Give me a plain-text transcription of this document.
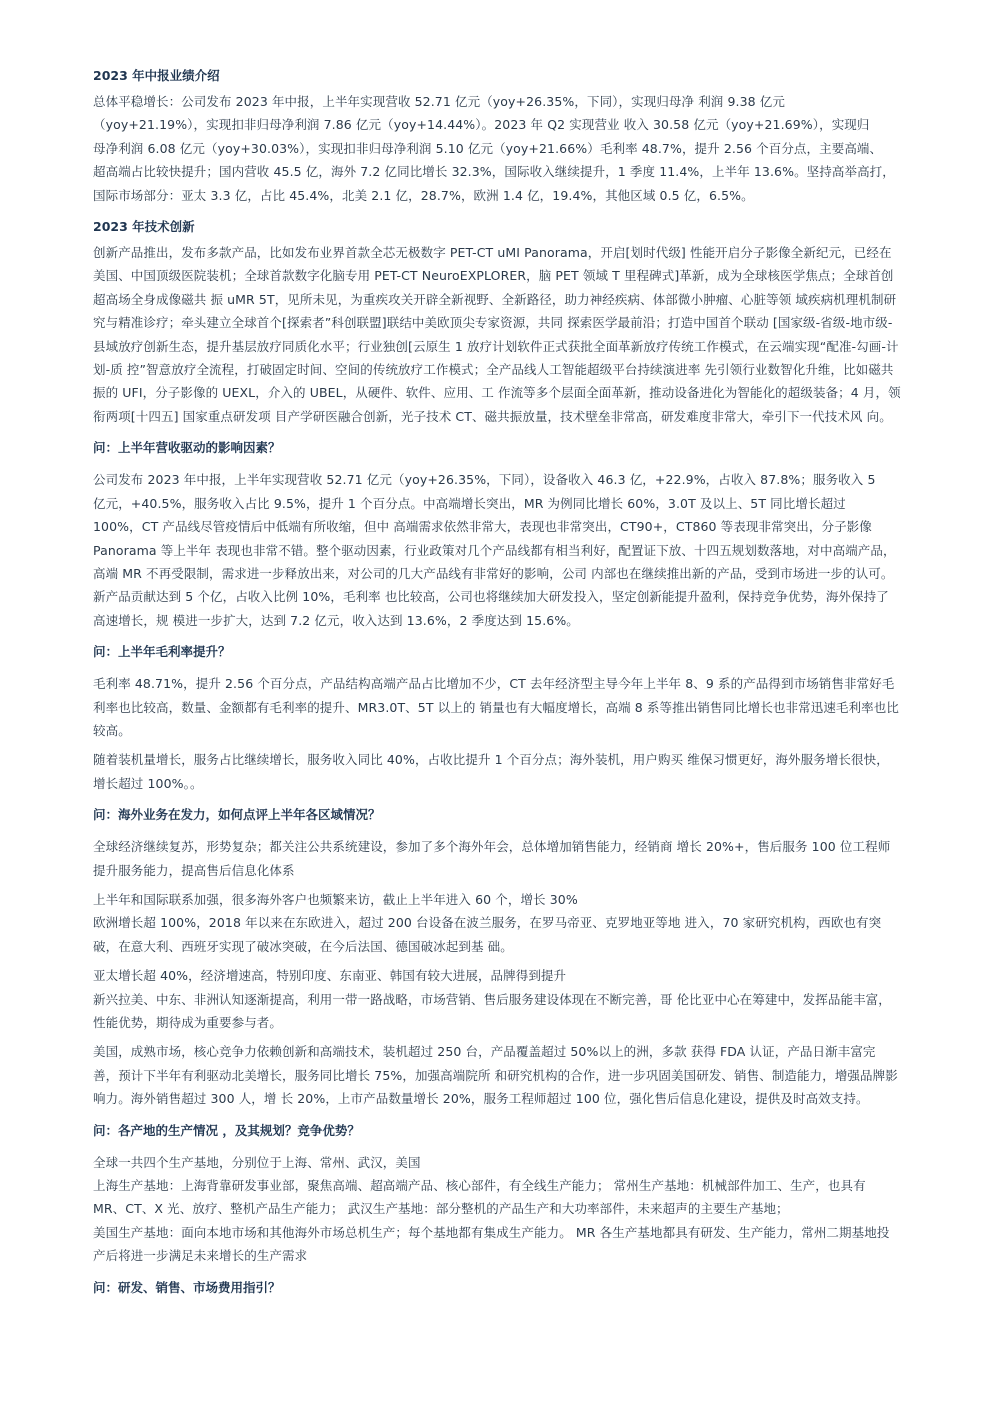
2023 年中报业绩介绍

总体平稳增长：公司发布 2023 年中报，上半年实现营收 52.71 亿元（yoy+26.35%，下同），实现归母净 利润 9.38 亿元
（yoy+21.19%），实现扣非归母净利润 7.86 亿元（yoy+14.44%）。2023 年 Q2 实现营业 收入 30.58 亿元（yoy+21.69%），实现归
母净利润 6.08 亿元（yoy+30.03%），实现扣非归母净利润 5.10 亿元（yoy+21.66%）毛利率 48.7%，提升 2.56 个百分点，主要高端、
超高端占比较快提升；国内营收 45.5 亿，海外 7.2 亿同比增长 32.3%，国际收入继续提升，1 季度 11.4%，上半年 13.6%。坚持高举高打，
国际市场部分：亚太 3.3 亿，占比 45.4%，北美 2.1 亿，28.7%，欧洲 1.4 亿，19.4%，其他区域 0.5 亿，6.5%。

2023 年技术创新

创新产品推出，发布多款产品，比如发布业界首款全芯无极数字 PET-CT uMI Panorama，开启[划时代级] 性能开启分子影像全新纪元，已经在
美国、中国顶级医院装机；全球首款数字化脑专用 PET-CT NeuroEXPLORER，脑 PET 领域 T 里程碑式]革新，成为全球核医学焦点；全球首创
超高场全身成像磁共 振 uMR 5T，见所未见，为重疾攻关开辟全新视野、全新路径，助力神经疾病、体部微小肿瘤、心脏等领 域疾病机理机制研
究与精准诊疗；牵头建立全球首个[探索者”科创联盟]联结中美欧顶尖专家资源，共同 探索医学最前沿；打造中国首个联动 [国家级-省级-地市级-
县域放疗创新生态，提升基层放疗同质化水平；行业独创[云原生 1 放疗计划软件正式获批全面革新放疗传统工作模式，在云端实现“配准-勾画-计
划-质 控”智意放疗全流程，打破固定时间、空间的传统放疗工作模式；全产品线人工智能超级平台持续演进率 先引领行业数智化升维，比如磁共
振的 UFI，分子影像的 UEXL，介入的 UBEL，从硬件、软件、应用、工 作流等多个层面全面革新，推动设备进化为智能化的超级装备；4 月，领
衔两项[十四五] 国家重点研发项 目产学研医融合创新，光子技术 CT、磁共振放量，技术壁垒非常高，研发难度非常大，牵引下一代技术风 向。

问：上半年营收驱动的影响因素？

公司发布 2023 年中报，上半年实现营收 52.71 亿元（yoy+26.35%，下同），设备收入 46.3 亿，+22.9%，占收入 87.8%；服务收入 5
亿元，+40.5%，服务收入占比 9.5%，提升 1 个百分点。中高端增长突出，MR 为例同比增长 60%，3.0T 及以上、5T 同比增长超过
100%，CT 产品线尽管疫情后中低端有所收缩，但中 高端需求依然非常大，表现也非常突出，CT90+，CT860 等表现非常突出，分子影像
Panorama 等上半年 表现也非常不错。整个驱动因素，行业政策对几个产品线都有相当利好，配置证下放、十四五规划数落地，对中高端产品，
高端 MR 不再受限制，需求进一步释放出来，对公司的几大产品线有非常好的影响，公司 内部也在继续推出新的产品，受到市场进一步的认可。
新产品贡献达到 5 个亿，占收入比例 10%，毛利率 也比较高，公司也将继续加大研发投入，坚定创新能提升盈利，保持竞争优势，海外保持了
高速增长，规 模进一步扩大，达到 7.2 亿元，收入达到 13.6%，2 季度达到 15.6%。

问：上半年毛利率提升？

毛利率 48.71%，提升 2.56 个百分点，产品结构高端产品占比增加不少，CT 去年经济型主导今年上半年 8、9 系的产品得到市场销售非常好毛
利率也比较高，数量、金额都有毛利率的提升、MR3.0T、5T 以上的 销量也有大幅度增长，高端 8 系等推出销售同比增长也非常迅速毛利率也比
较高。

随着装机量增长，服务占比继续增长，服务收入同比 40%，占收比提升 1 个百分点；海外装机，用户购买 维保习惯更好，海外服务增长很快，
增长超过 100%。。

问：海外业务在发力，如何点评上半年各区域情况？

全球经济继续复苏，形势复杂；都关注公共系统建设，参加了多个海外年会，总体增加销售能力，经销商 增长 20%+，售后服务 100 位工程师
提升服务能力，提高售后信息化体系

上半年和国际联系加强，很多海外客户也频繁来访，截止上半年进入 60 个，增长 30%
欧洲增长超 100%，2018 年以来在东欧进入，超过 200 台设备在波兰服务，在罗马帝亚、克罗地亚等地 进入，70 家研究机构，西欧也有突
破，在意大利、西班牙实现了破冰突破，在今后法国、德国破冰起到基 础。

亚太增长超 40%，经济增速高，特别印度、东南亚、韩国有较大进展，品牌得到提升
新兴拉美、中东、非洲认知逐渐提高，利用一带一路战略，市场营销、售后服务建设体现在不断完善，哥 伦比亚中心在筹建中，发挥品能丰富，
性能优势，期待成为重要参与者。

美国，成熟市场，核心竞争力依赖创新和高端技术，装机超过 250 台，产品覆盖超过 50%以上的洲，多款 获得 FDA 认证，产品日渐丰富完
善，预计下半年有利驱动北美增长，服务同比增长 75%，加强高端院所 和研究机构的合作，进一步巩固美国研发、销售、制造能力，增强品牌影
响力。海外销售超过 300 人，增 长 20%，上市产品数量增长 20%，服务工程师超过 100 位，强化售后信息化建设，提供及时高效支持。

问：各产地的生产情况 ，及其规划？竞争优势？

全球一共四个生产基地，分别位于上海、常州、武汉，美国
上海生产基地：上海背靠研发事业部，聚焦高端、超高端产品、核心部件，有全线生产能力； 常州生产基地：机械部件加工、生产，也具有
MR、CT、X 光、放疗、整机产品生产能力； 武汉生产基地：部分整机的产品生产和大功率部件，未来超声的主要生产基地；
美国生产基地：面向本地市场和其他海外市场总机生产；每个基地都有集成生产能力。 MR 各生产基地都具有研发、生产能力，常州二期基地投
产后将进一步满足未来增长的生产需求

问：研发、销售、市场费用指引？
